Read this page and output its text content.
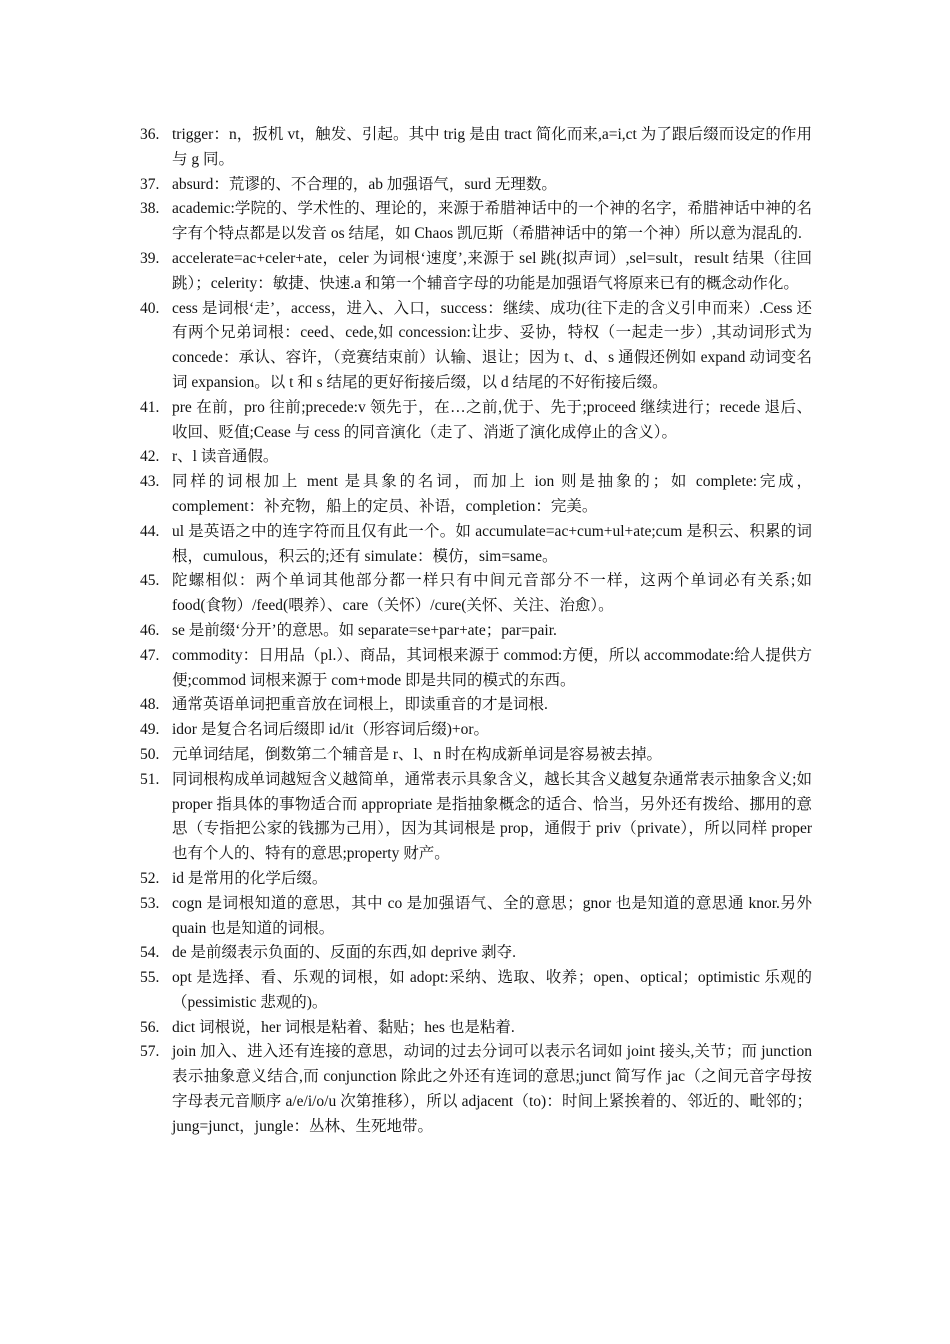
36. trigger：n，扳机 vt，触发、引起。其中 trig 是由 tract 简化而来,a=i,ct 为了跟后缀而设定的作用与 g 同。
37. absurd：荒谬的、不合理的，ab 加强语气，surd 无理数。
38. academic:学院的、学术性的、理论的，来源于希腊神话中的一个神的名字，希腊神话中神的名字有个特点都是以发音 os 结尾，如 Chaos 凯厄斯（希腊神话中的第一个神）所以意为混乱的.
39. accelerate=ac+celer+ate，celer 为词根‘速度’,来源于 sel 跳(拟声词）,sel=sult，result 结果（往回跳）；celerity：敏捷、快速.a 和第一个辅音字母的功能是加强语气将原来已有的概念动作化。
40. cess 是词根‘走’，access，进入、入口，success：继续、成功(往下走的含义引申而来）.Cess 还有两个兄弟词根：ceed、cede,如 concession:让步、妥协，特权（一起走一步）,其动词形式为 concede：承认、容许，（竞赛结束前）认输、退让；因为 t、d、s 通假还例如 expand 动词变名词 expansion。以 t 和 s 结尾的更好衔接后缀，以 d 结尾的不好衔接后缀。
41. pre 在前，pro 往前;precede:v 领先于，在…之前,优于、先于;proceed 继续进行；recede 退后、收回、贬值;Cease 与 cess 的同音演化（走了、消逝了演化成停止的含义）。
42. r、l 读音通假。
43. 同样的词根加上 ment 是具象的名词，而加上 ion 则是抽象的；如 complete:完成，complement：补充物，船上的定员、补语，completion：完美。
44. ul 是英语之中的连字符而且仅有此一个。如 accumulate=ac+cum+ul+ate;cum 是积云、积累的词根，cumulous，积云的;还有 simulate：模仿，sim=same。
45. 陀螺相似：两个单词其他部分都一样只有中间元音部分不一样，这两个单词必有关系;如 food(食物）/feed(喂养）、care（关怀）/cure(关怀、关注、治愈）。
46. se 是前缀‘分开’的意思。如 separate=se+par+ate；par=pair.
47. commodity：日用品（pl.）、商品，其词根来源于 commod:方便，所以 accommodate:给人提供方便;commod 词根来源于 com+mode 即是共同的模式的东西。
48. 通常英语单词把重音放在词根上，即读重音的才是词根.
49. idor 是复合名词后缀即 id/it（形容词后缀)+or。
50. 元单词结尾，倒数第二个辅音是 r、l、n 时在构成新单词是容易被去掉。
51. 同词根构成单词越短含义越简单，通常表示具象含义，越长其含义越复杂通常表示抽象含义;如 proper 指具体的事物适合而 appropriate 是指抽象概念的适合、恰当，另外还有拨给、挪用的意思（专指把公家的钱挪为己用），因为其词根是 prop，通假于 priv（private），所以同样 proper 也有个人的、特有的意思;property 财产。
52. id 是常用的化学后缀。
53. cogn 是词根知道的意思，其中 co 是加强语气、全的意思；gnor 也是知道的意思通 knor.另外 quain 也是知道的词根。
54. de 是前缀表示负面的、反面的东西,如 deprive 剥夺.
55. opt 是选择、看、乐观的词根，如 adopt:采纳、选取、收养；open、optical；optimistic 乐观的（pessimistic 悲观的)。
56. dict 词根说，her 词根是粘着、黏贴；hes 也是粘着.
57. join 加入、进入还有连接的意思，动词的过去分词可以表示名词如 joint 接头,关节；而 junction 表示抽象意义结合,而 conjunction 除此之外还有连词的意思;junct 简写作 jac（之间元音字母按字母表元音顺序 a/e/i/o/u 次第推移），所以 adjacent（to)：时间上紧挨着的、邻近的、毗邻的；jung=junct，jungle：丛林、生死地带。
